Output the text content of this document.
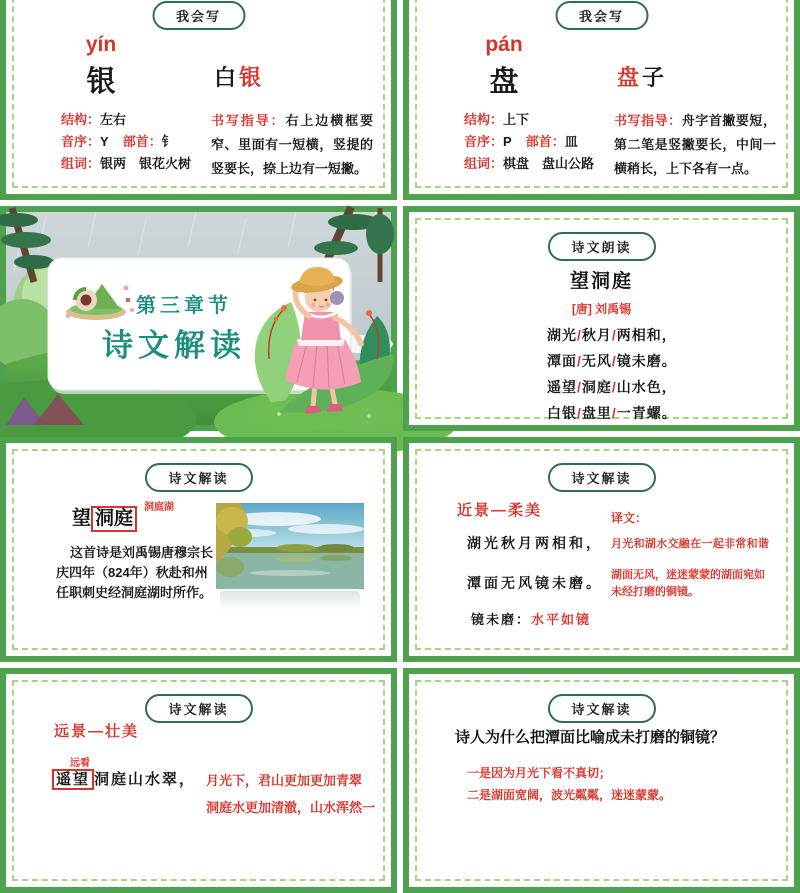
我会写
yín
银	白银
结构：左右
音序：Y 部首：钅
组词：银两　银花火树
书写指导：右上边横框要窄、里面有一短横，竖提的竖要长，捺上边有一短撇。
我会写
pán
盘	盘子
结构：上下
音序：P 部首：皿
组词：棋盘　盘山公路
书写指导：舟字首撇要短，第二笔是竖撇要长，中间一横稍长，上下各有一点。
第三章节
诗文解读
诗文朗读
望洞庭
[唐] 刘禹锡
湖光/秋月/两相和，
潭面/无风/镜未磨。
遥望/洞庭/山水色，
白银/盘里/一青螺。
诗文解读
望 洞庭
洞庭湖
这首诗是刘禹锡唐穆宗长庆四年（824年）秋赴和州任职刺史经洞庭湖时所作。
诗文解读
近景—柔美
湖光秋月两相和，
潭面无风镜未磨。
镜未磨：水平如镜
译文：
月光和湖水交融在一起非常和谐
湖面无风，迷迷蒙蒙的湖面宛如未经打磨的铜镜。
诗文解读
远景—壮美
远看
遥望 洞庭山水翠， 月光下，君山更加更加青翠
洞庭水更加清澈，山水浑然一
诗文解读
诗人为什么把潭面比喻成未打磨的铜镜？
一是因为月光下看不真切；
二是湖面宽阔，波光粼粼，迷迷蒙蒙。
